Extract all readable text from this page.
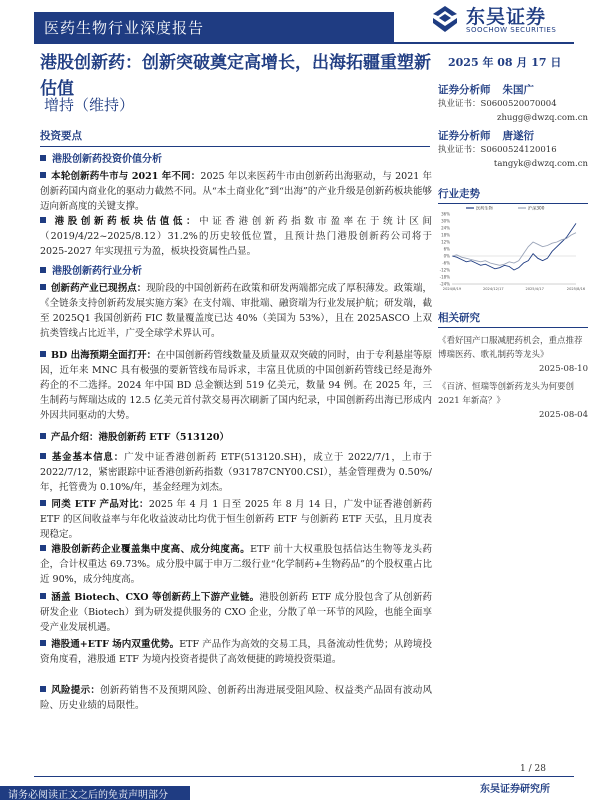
医药生物行业深度报告	东吴证券
SOOCHOW SECURITIES
港股创新药：创新突破奠定高增长，出海拓疆重塑新估值
2025 年 08 月 17 日
增持（维持）
证券分析师 朱国广
执业证书：S0600520070004
zhugg@dwzq.com.cn
证券分析师 唐遂衍
执业证书：S0600524120016
tangyk@dwzq.com.cn
行业走势
36%
30%
24%
18%
12%
6%
0%
-6%
-12%
-18%
-24%
2024/8/19	2024/12/17	2025/4/17	2025/8/16
医药生物	沪深300
相关研究
《看好国产口服减肥药机会，重点推荐博瑞医药、歌礼制药等龙头》
2025-08-10
《百济、恒瑞等创新药龙头为何要创 2021 年新高？》
2025-08-04
投资要点
港股创新药投资价值分析
本轮创新药牛市与 2021 年不同：2025 年以来医药牛市由创新药出海驱动，与 2021 年创新药国内商业化的驱动力截然不同。从“本土商业化”到“出海”的产业升级是创新药板块能够迈向新高度的关键支撑。
港股创新药板块估值低：中证香港创新药指数市盈率在于统计区间（2019/4/22~2025/8.12）31.2%的历史较低位置，且预计热门港股创新药公司将于 2025-2027 年实现扭亏为盈，板块投资属性凸显。
港股创新药行业分析
创新药产业已现拐点：现阶段的中国创新药在政策和研发两端都完成了厚积薄发。政策端，《全链条支持创新药发展实施方案》在支付端、审批端、融资端为行业发展护航；研发端，截至 2025Q1 我国创新药 FIC 数量覆盖度已达 40%（美国为 53%），且在 2025ASCO 上双抗类管线占比近半，广受全球学术界认可。
BD 出海预期全面打开：在中国创新药管线数量及质量双双突破的同时，由于专利悬崖等原因，近年来 MNC 具有极强的要新管线布局诉求，丰富且优质的中国创新药管线已经是海外药企的不二选择。2024 年中国 BD 总金额达到 519 亿美元，数量 94 例。在 2025 年，三生制药与辉瑞达成的 12.5 亿美元首付款交易再次刷新了国内纪录，中国创新药出海已形成内外因共同驱动的大势。
产品介绍：港股创新药 ETF（513120）
基金基本信息：广发中证香港创新药 ETF(513120.SH)，成立于 2022/7/1，上市于 2022/7/12，紧密跟踪中证香港创新药指数（931787CNY00.CSI），基金管理费为 0.50%/年，托管费为 0.10%/年，基金经理为刘杰。
同类 ETF 产品对比：2025 年 4 月 1 日至 2025 年 8 月 14 日，广发中证香港创新药 ETF 的区间收益率与年化收益波动比均优于恒生创新药 ETF 与创新药 ETF 天弘，且月度表现稳定。
港股创新药企业覆盖集中度高、成分纯度高。ETF 前十大权重股包括信达生物等龙头药企，合计权重达 69.73%。成分股中属于申万二级行业“化学制药+生物药品”的个股权重占比近 90%，成分纯度高。
涵盖 Biotech、CXO 等创新药上下游产业链。港股创新药 ETF 成分股包含了从创新药研发企业（Biotech）到为研发提供服务的 CXO 企业，分散了单一环节的风险，也能全面享受产业发展机遇。
港股通+ETF 场内双重优势。ETF 产品作为高效的交易工具，具备流动性优势；从跨境投资角度看，港股通 ETF 为境内投资者提供了高效便捷的跨境投资渠道。
风险提示：创新药销售不及预期风险、创新药出海进展受阻风险、权益类产品固有波动风险、历史业绩的局限性。
1 / 28
东吴证券研究所
请务必阅读正文之后的免责声明部分
